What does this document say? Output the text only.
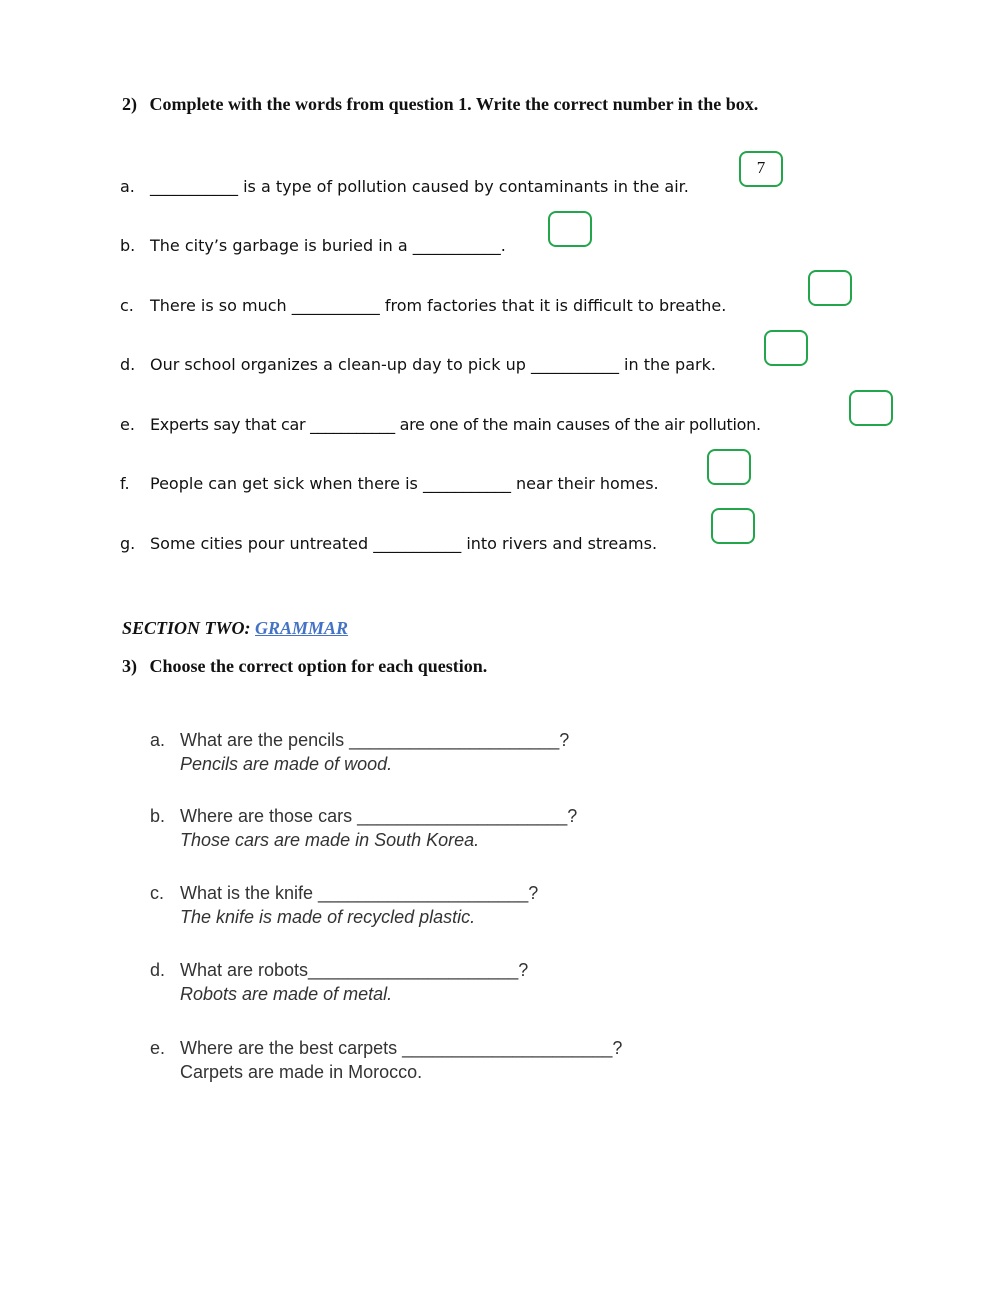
2) Complete with the words from question 1. Write the correct number in the box.
a. ___________ is a type of pollution caused by contaminants in the air.
7
b. The city’s garbage is buried in a ___________.
c. There is so much ___________ from factories that it is difficult to breathe.
d. Our school organizes a clean-up day to pick up ___________ in the park.
e. Experts say that car ___________ are one of the main causes of the air pollution.
f. People can get sick when there is ___________ near their homes.
g. Some cities pour untreated ___________ into rivers and streams.
SECTION TWO: GRAMMAR
3) Choose the correct option for each question.
a. What are the pencils _____________________?
Pencils are made of wood.
b. Where are those cars _____________________?
Those cars are made in South Korea.
c. What is the knife _____________________?
The knife is made of recycled plastic.
d. What are robots_____________________?
Robots are made of metal.
e. Where are the best carpets _____________________?
Carpets are made in Morocco.
